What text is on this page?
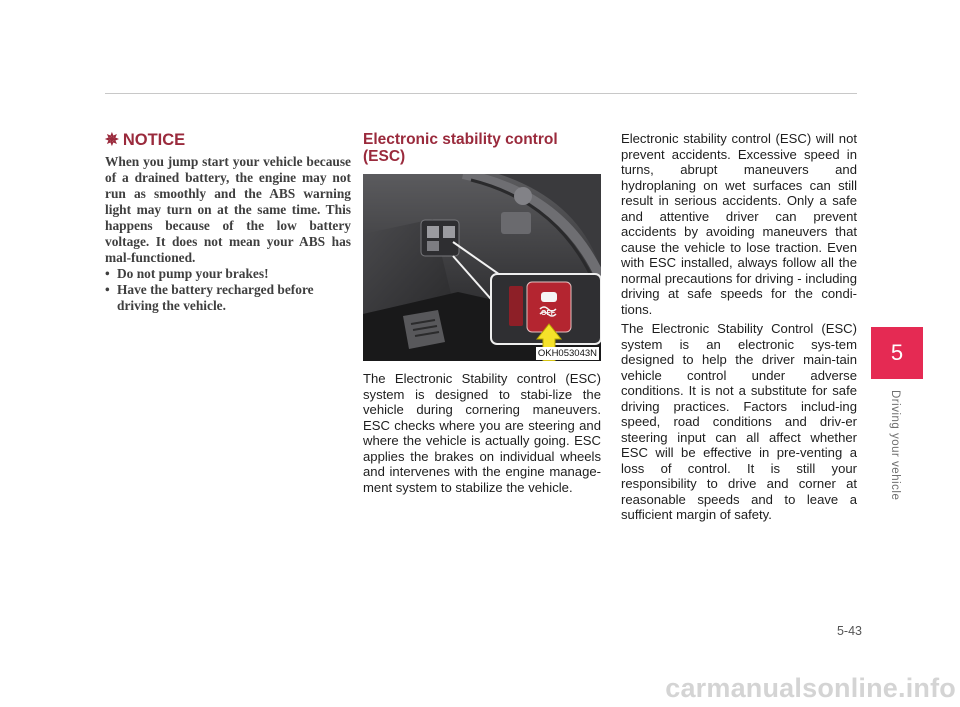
✵ NOTICE

When you jump start your vehicle because of a drained battery, the engine may not run as smoothly and the ABS warning light may turn on at the same time. This happens because of the low battery voltage. It does not mean your ABS has mal-functioned.

• Do not pump your brakes!
• Have the battery recharged before driving the vehicle.
Electronic stability control (ESC)
OFF
OKH053043N

The Electronic Stability control (ESC) system is designed to stabi-lize the vehicle during cornering maneuvers. ESC checks where you are steering and where the vehicle is actually going. ESC applies the brakes on individual wheels and intervenes with the engine manage-ment system to stabilize the vehicle.

Electronic stability control (ESC) will not prevent accidents. Excessive speed in turns, abrupt maneuvers and hydroplaning on wet surfaces can still result in serious accidents. Only a safe and attentive driver can prevent accidents by avoiding maneuvers that cause the vehicle to lose traction. Even with ESC installed, always follow all the normal precautions for driving - including driving at safe speeds for the condi-tions.

The Electronic Stability Control (ESC) system is an electronic sys-tem designed to help the driver main-tain vehicle control under adverse conditions. It is not a substitute for safe driving practices. Factors includ-ing speed, road conditions and driv-er steering input can all affect whether ESC will be effective in pre-venting a loss of control. It is still your responsibility to drive and corner at reasonable speeds and to leave a sufficient margin of safety.

5
Driving your vehicle
5-43
carmanualsonline.info
